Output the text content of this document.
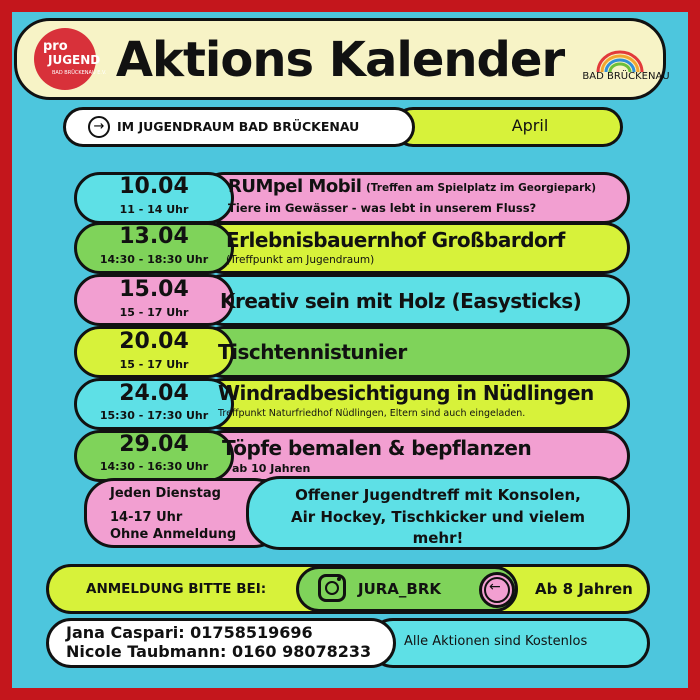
pro
JUGEND
BAD BRÜCKENAU E.V. Aktions Kalender	BAD BRÜCKENAU
→	IM JUGENDRAUM BAD BRÜCKENAU	April
10.04
11 - 14 Uhr
RUMpel Mobil (Treffen am Spielplatz im Georgiepark)
Tiere im Gewässer - was lebt in unserem Fluss?
13.04
14:30 - 18:30 Uhr
Erlebnisbauernhof Großbardorf
(Treffpunkt am Jugendraum)
15.04
15 - 17 Uhr	Kreativ sein mit Holz (Easysticks)
20.04
15 - 17 Uhr
Tischtennistunier
24.04
15:30 - 17:30 Uhr
Windradbesichtigung in Nüdlingen
Treffpunkt Naturfriedhof Nüdlingen, Eltern sind auch eingeladen.
29.04
14:30 - 16:30 Uhr
Töpfe bemalen & bepflanzen
ab 10 Jahren
Jeden Dienstag
14-17 Uhr
Ohne Anmeldung
Offener Jugendtreff mit Konsolen,
Air Hockey, Tischkicker und vielem
mehr!
ANMELDUNG BITTE BEI:	JURA_BRK	← Ab 8 Jahren
Jana Caspari: 01758519696
Nicole Taubmann: 0160 98078233
Alle Aktionen sind Kostenlos
